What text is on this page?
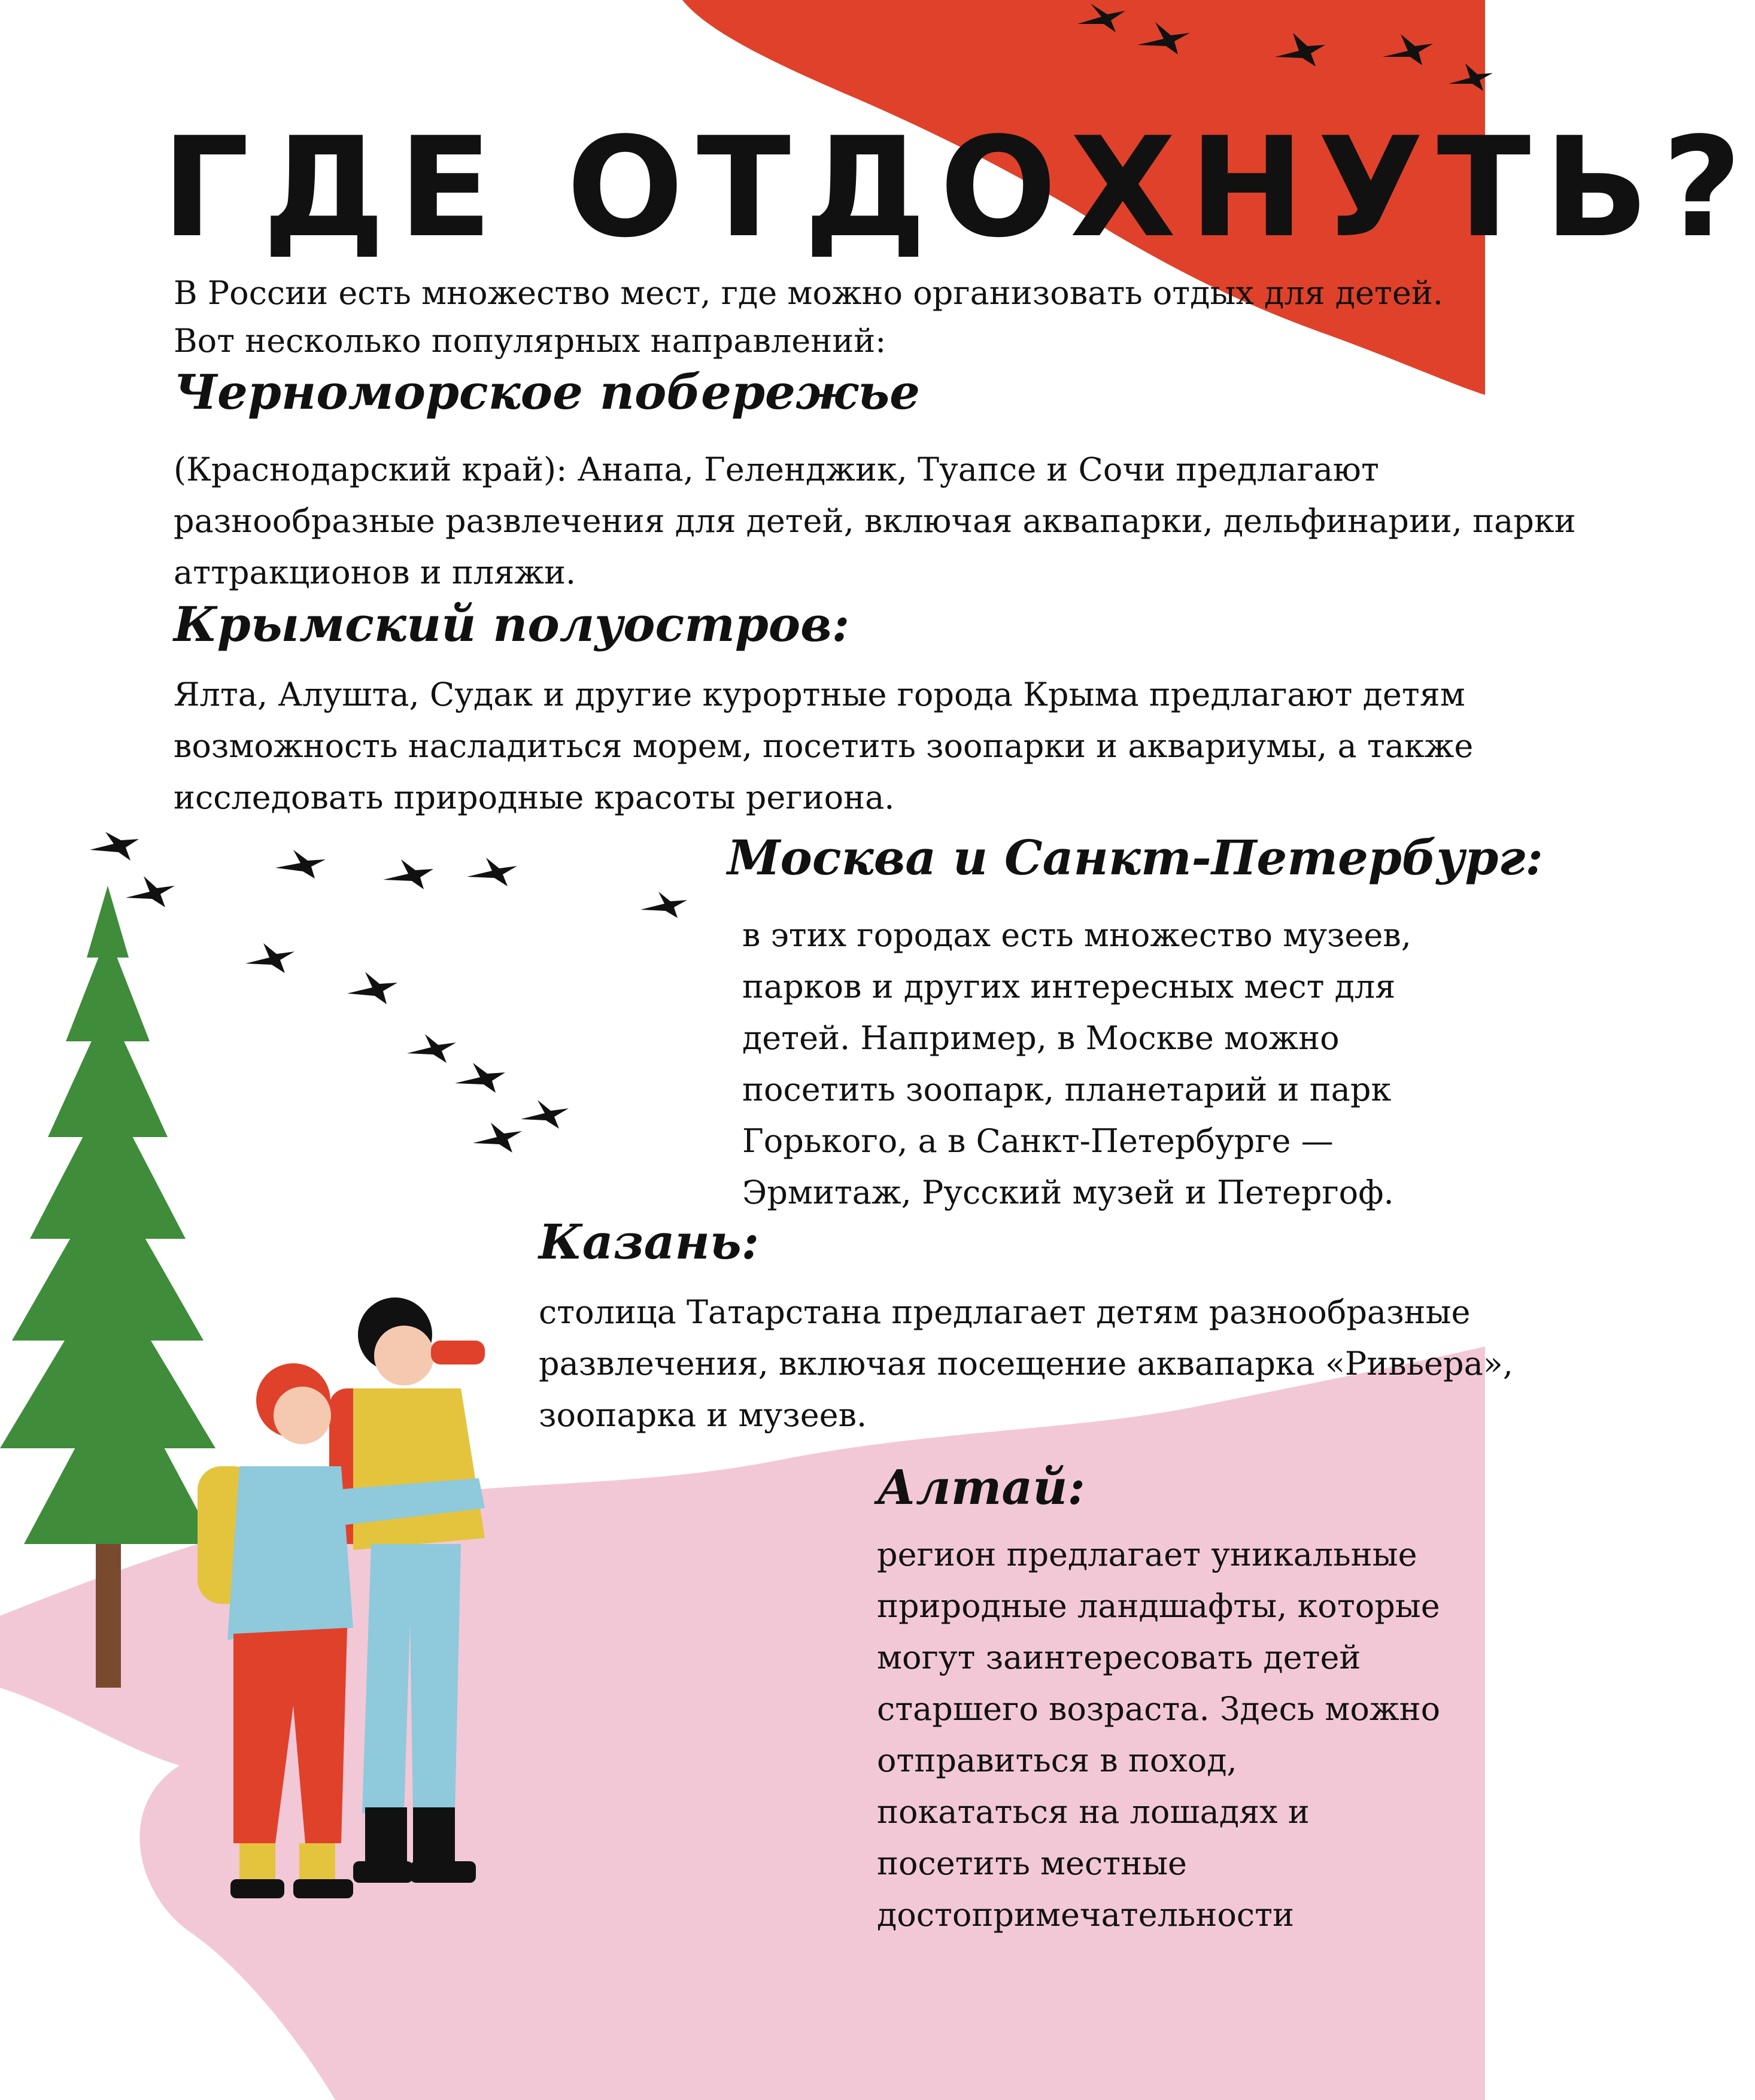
ГДЕ ОТДОХНУТЬ?
В России есть множество мест, где можно организовать отдых для детей.
Вот несколько популярных направлений:
Черноморское побережье
(Краснодарский край): Анапа, Геленджик, Туапсе и Сочи предлагают
разнообразные развлечения для детей, включая аквапарки, дельфинарии, парки
аттракционов и пляжи.
Крымский полуостров:
Ялта, Алушта, Судак и другие курортные города Крыма предлагают детям
возможность насладиться морем, посетить зоопарки и аквариумы, а также
исследовать природные красоты региона.
Москва и Санкт-Петербург:
в этих городах есть множество музеев,
парков и других интересных мест для
детей. Например, в Москве можно
посетить зоопарк, планетарий и парк
Горького, а в Санкт-Петербурге —
Эрмитаж, Русский музей и Петергоф.
Казань:
столица Татарстана предлагает детям разнообразные
развлечения, включая посещение аквапарка «Ривьера»,
зоопарка и музеев.
Алтай:
регион предлагает уникальные
природные ландшафты, которые
могут заинтересовать детей
старшего возраста. Здесь можно
отправиться в поход,
покататься на лошадях и
посетить местные
достопримечательности
